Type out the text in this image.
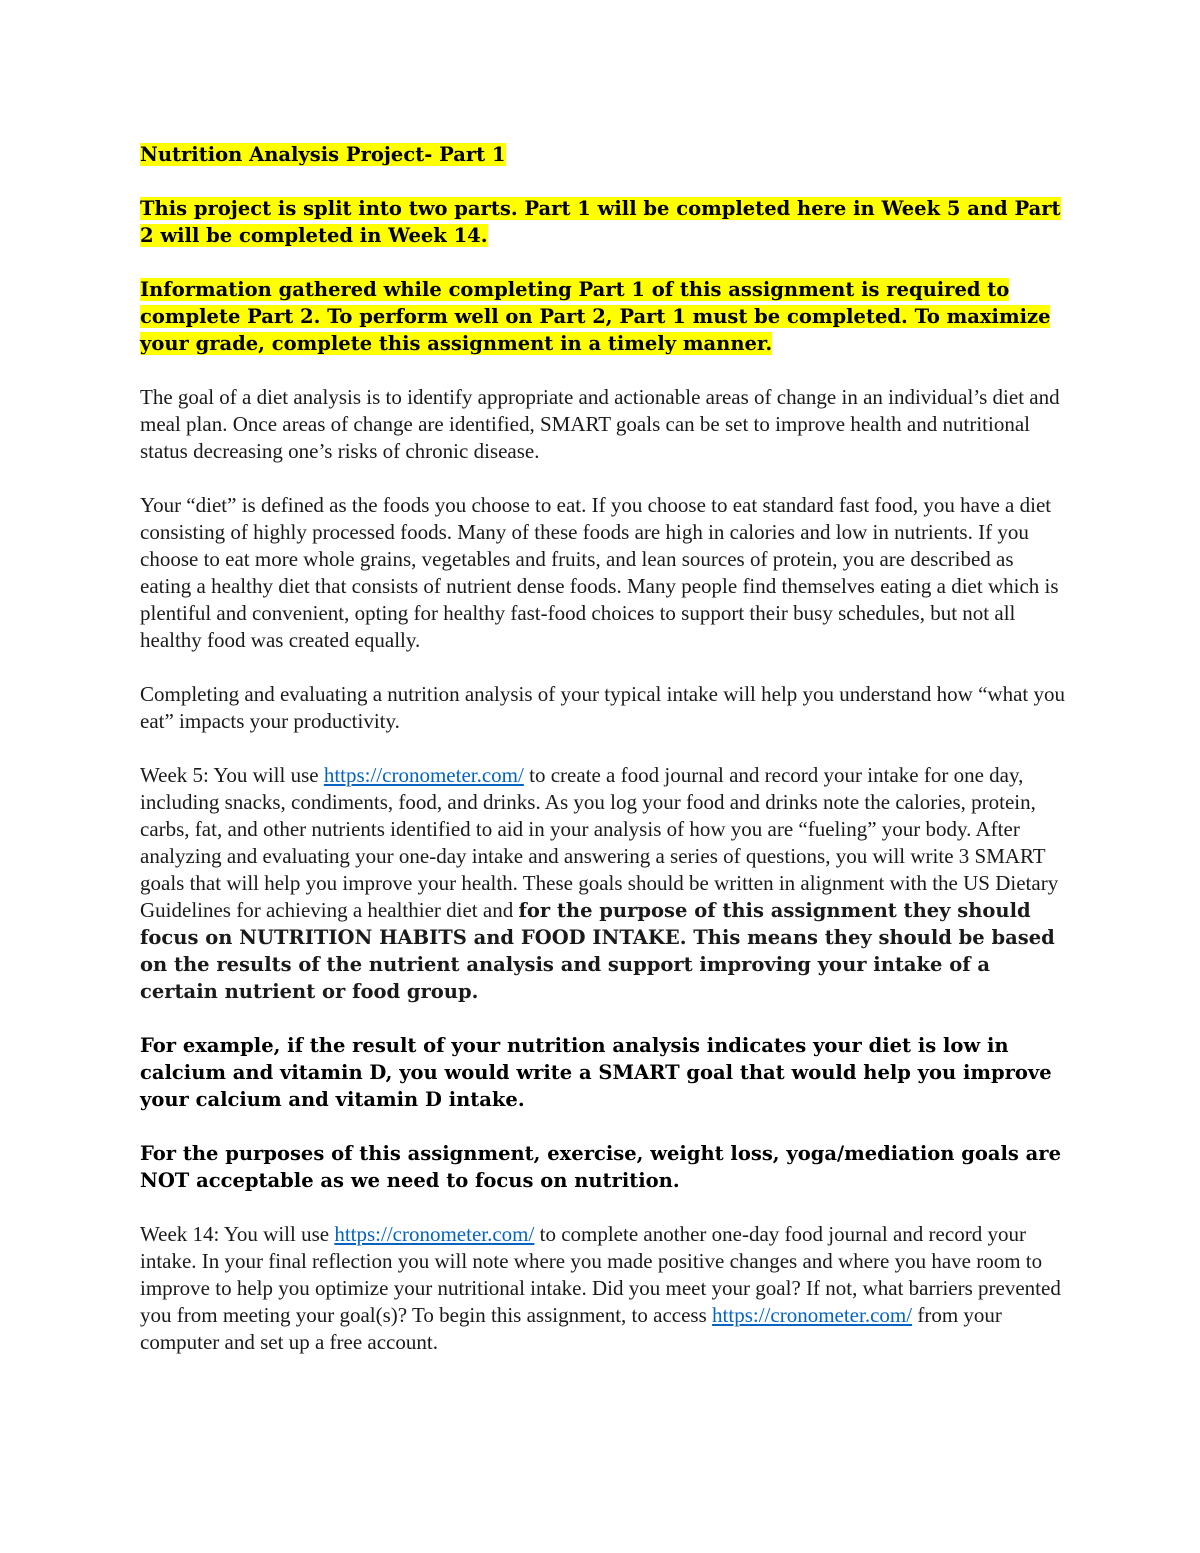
Nutrition Analysis Project- Part 1

This project is split into two parts. Part 1 will be completed here in Week 5 and Part 2 will be completed in Week 14.

Information gathered while completing Part 1 of this assignment is required to complete Part 2. To perform well on Part 2, Part 1 must be completed. To maximize your grade, complete this assignment in a timely manner.

The goal of a diet analysis is to identify appropriate and actionable areas of change in an individual’s diet and meal plan. Once areas of change are identified, SMART goals can be set to improve health and nutritional status decreasing one’s risks of chronic disease.

Your “diet” is defined as the foods you choose to eat. If you choose to eat standard fast food, you have a diet consisting of highly processed foods. Many of these foods are high in calories and low in nutrients. If you choose to eat more whole grains, vegetables and fruits, and lean sources of protein, you are described as eating a healthy diet that consists of nutrient dense foods. Many people find themselves eating a diet which is plentiful and convenient, opting for healthy fast-food choices to support their busy schedules, but not all healthy food was created equally.

Completing and evaluating a nutrition analysis of your typical intake will help you understand how “what you eat” impacts your productivity.

Week 5: You will use https://cronometer.com/ to create a food journal and record your intake for one day, including snacks, condiments, food, and drinks. As you log your food and drinks note the calories, protein, carbs, fat, and other nutrients identified to aid in your analysis of how you are “fueling” your body. After analyzing and evaluating your one-day intake and answering a series of questions, you will write 3 SMART goals that will help you improve your health. These goals should be written in alignment with the US Dietary Guidelines for achieving a healthier diet and for the purpose of this assignment they should focus on NUTRITION HABITS and FOOD INTAKE. This means they should be based on the results of the nutrient analysis and support improving your intake of a certain nutrient or food group.

For example, if the result of your nutrition analysis indicates your diet is low in calcium and vitamin D, you would write a SMART goal that would help you improve your calcium and vitamin D intake.

For the purposes of this assignment, exercise, weight loss, yoga/mediation goals are NOT acceptable as we need to focus on nutrition.

Week 14: You will use https://cronometer.com/ to complete another one-day food journal and record your intake. In your final reflection you will note where you made positive changes and where you have room to improve to help you optimize your nutritional intake. Did you meet your goal? If not, what barriers prevented you from meeting your goal(s)? To begin this assignment, to access https://cronometer.com/ from your computer and set up a free account.
